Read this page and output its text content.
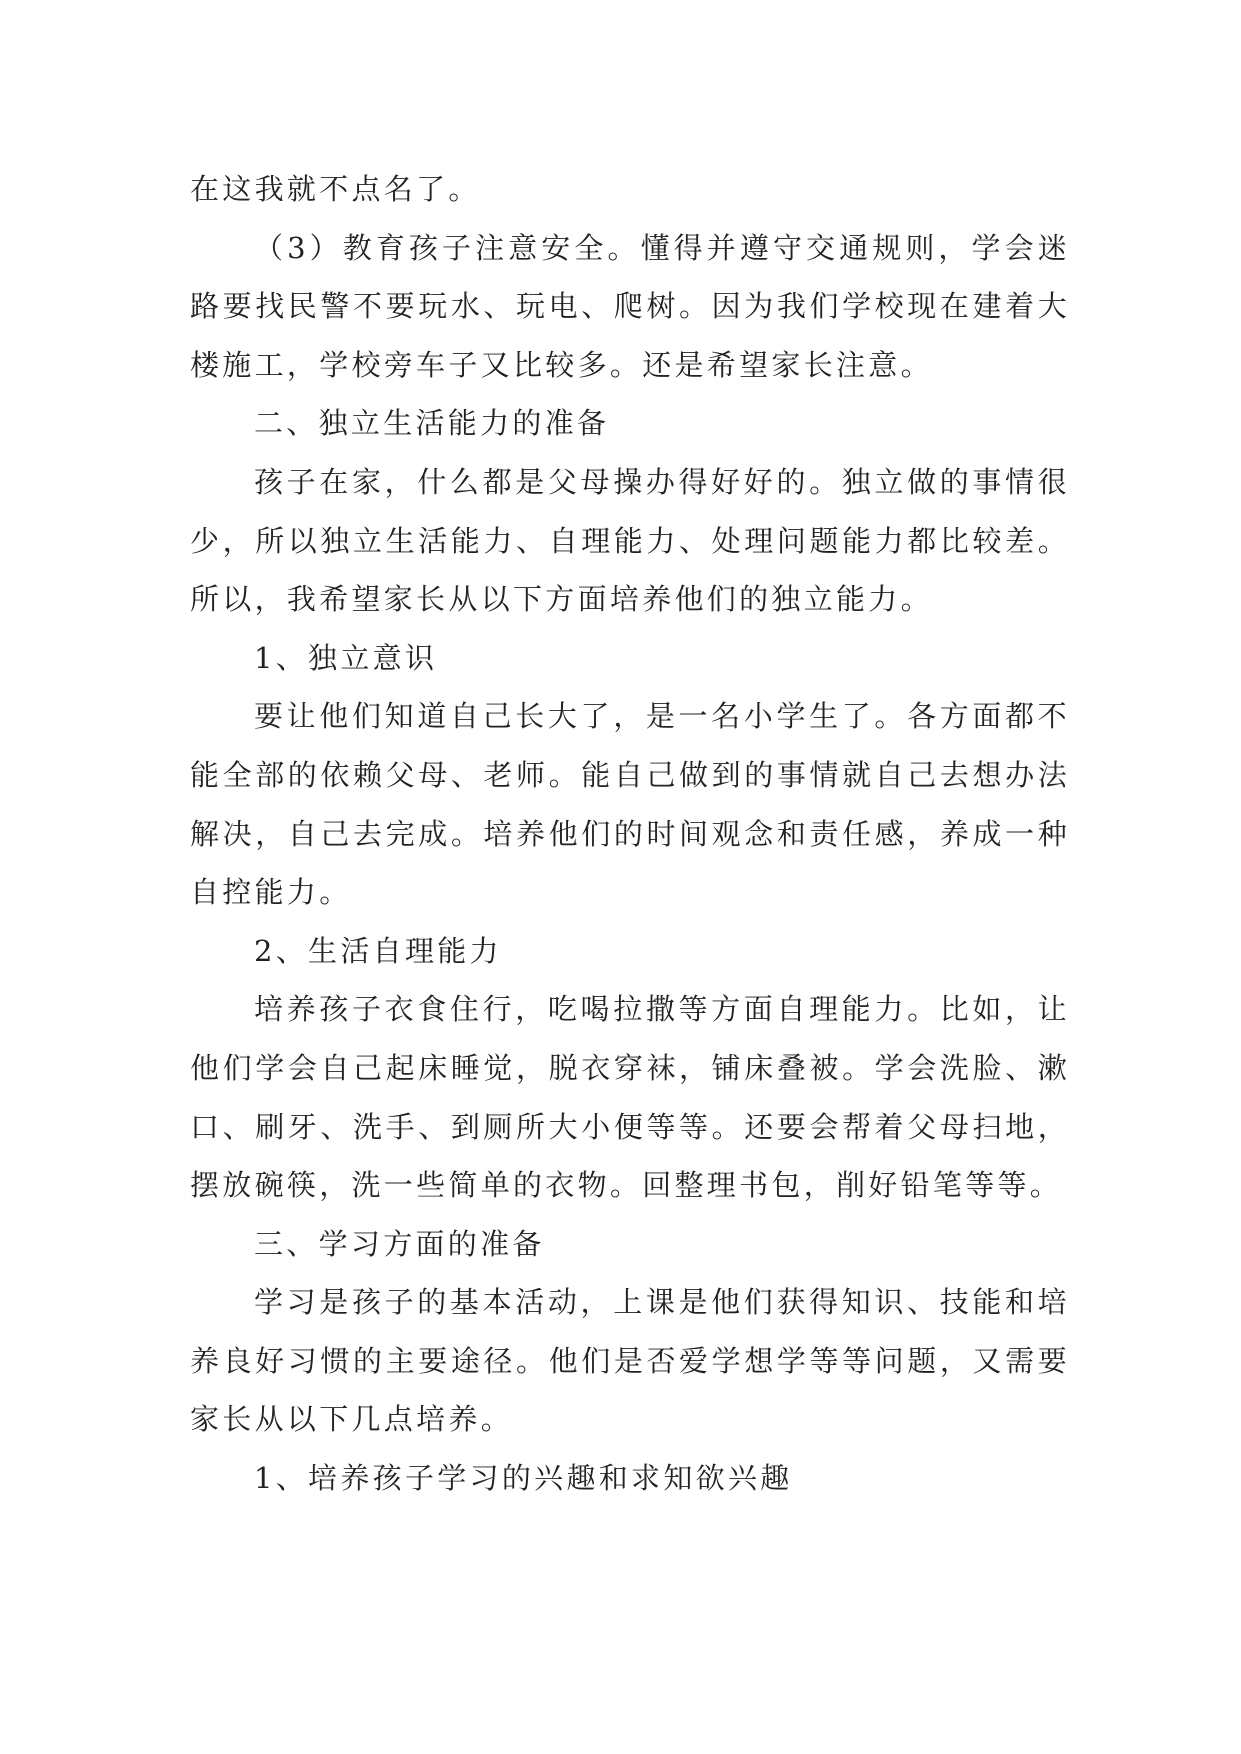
在这我就不点名了。

（3）教育孩子注意安全。懂得并遵守交通规则，学会迷路要找民警不要玩水、玩电、爬树。因为我们学校现在建着大楼施工，学校旁车子又比较多。还是希望家长注意。

二、独立生活能力的准备

孩子在家，什么都是父母操办得好好的。独立做的事情很少，所以独立生活能力、自理能力、处理问题能力都比较差。所以，我希望家长从以下方面培养他们的独立能力。

1、独立意识

要让他们知道自己长大了，是一名小学生了。各方面都不能全部的依赖父母、老师。能自己做到的事情就自己去想办法解决，自己去完成。培养他们的时间观念和责任感，养成一种自控能力。

2、生活自理能力

培养孩子衣食住行，吃喝拉撒等方面自理能力。比如，让他们学会自己起床睡觉，脱衣穿袜，铺床叠被。学会洗脸、漱口、刷牙、洗手、到厕所大小便等等。还要会帮着父母扫地，摆放碗筷，洗一些简单的衣物。回整理书包，削好铅笔等等。

三、学习方面的准备

学习是孩子的基本活动，上课是他们获得知识、技能和培养良好习惯的主要途径。他们是否爱学想学等等问题，又需要家长从以下几点培养。

1、培养孩子学习的兴趣和求知欲兴趣
